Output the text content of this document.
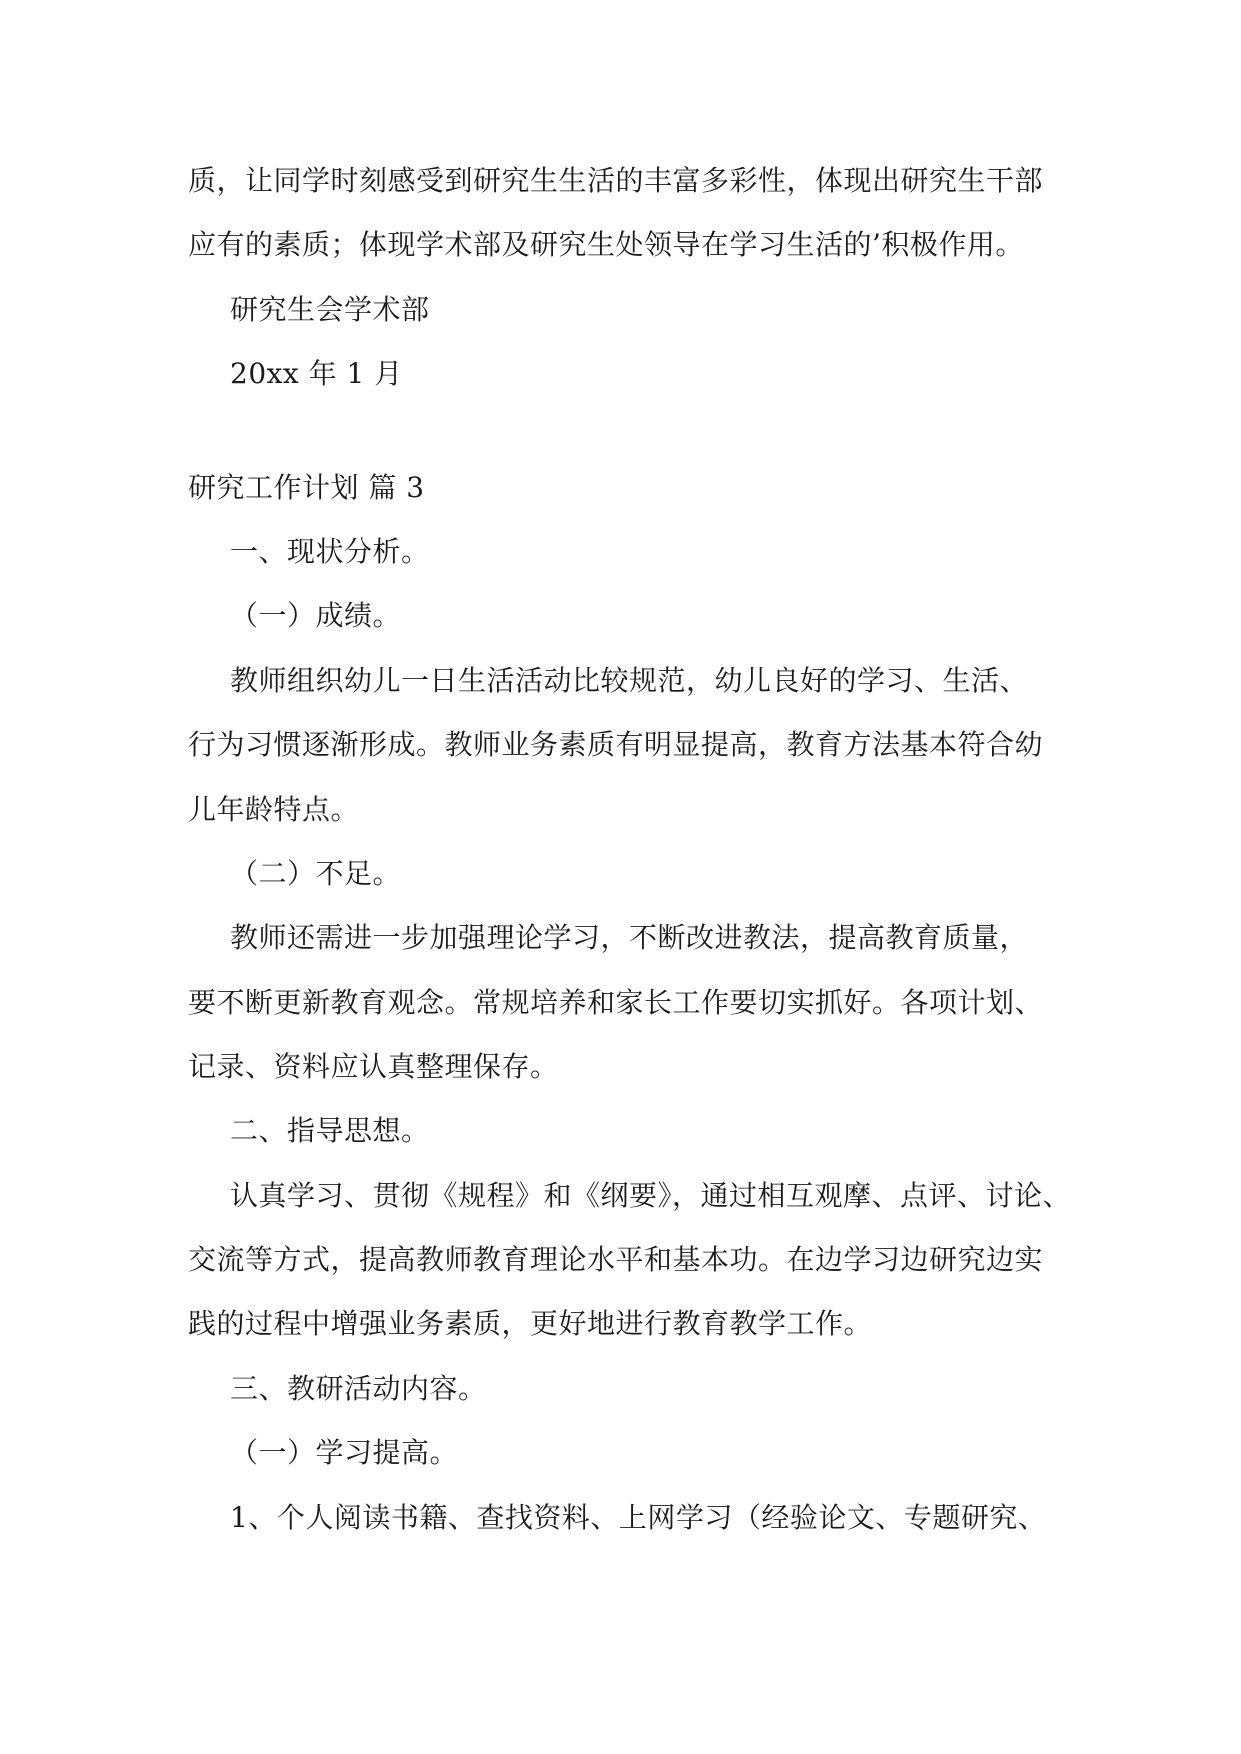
质，让同学时刻感受到研究生生活的丰富多彩性，体现出研究生干部
应有的素质；体现学术部及研究生处领导在学习生活的’积极作用。
研究生会学术部
20xx 年 1 月
研究工作计划 篇 3
一、现状分析。
（一）成绩。
教师组织幼儿一日生活活动比较规范，幼儿良好的学习、生活、
行为习惯逐渐形成。教师业务素质有明显提高，教育方法基本符合幼
儿年龄特点。
（二）不足。
教师还需进一步加强理论学习，不断改进教法，提高教育质量，
要不断更新教育观念。常规培养和家长工作要切实抓好。各项计划、
记录、资料应认真整理保存。
二、指导思想。
认真学习、贯彻《规程》和《纲要》，通过相互观摩、点评、讨论、
交流等方式，提高教师教育理论水平和基本功。在边学习边研究边实
践的过程中增强业务素质，更好地进行教育教学工作。
三、教研活动内容。
（一）学习提高。
1、个人阅读书籍、查找资料、上网学习（经验论文、专题研究、
